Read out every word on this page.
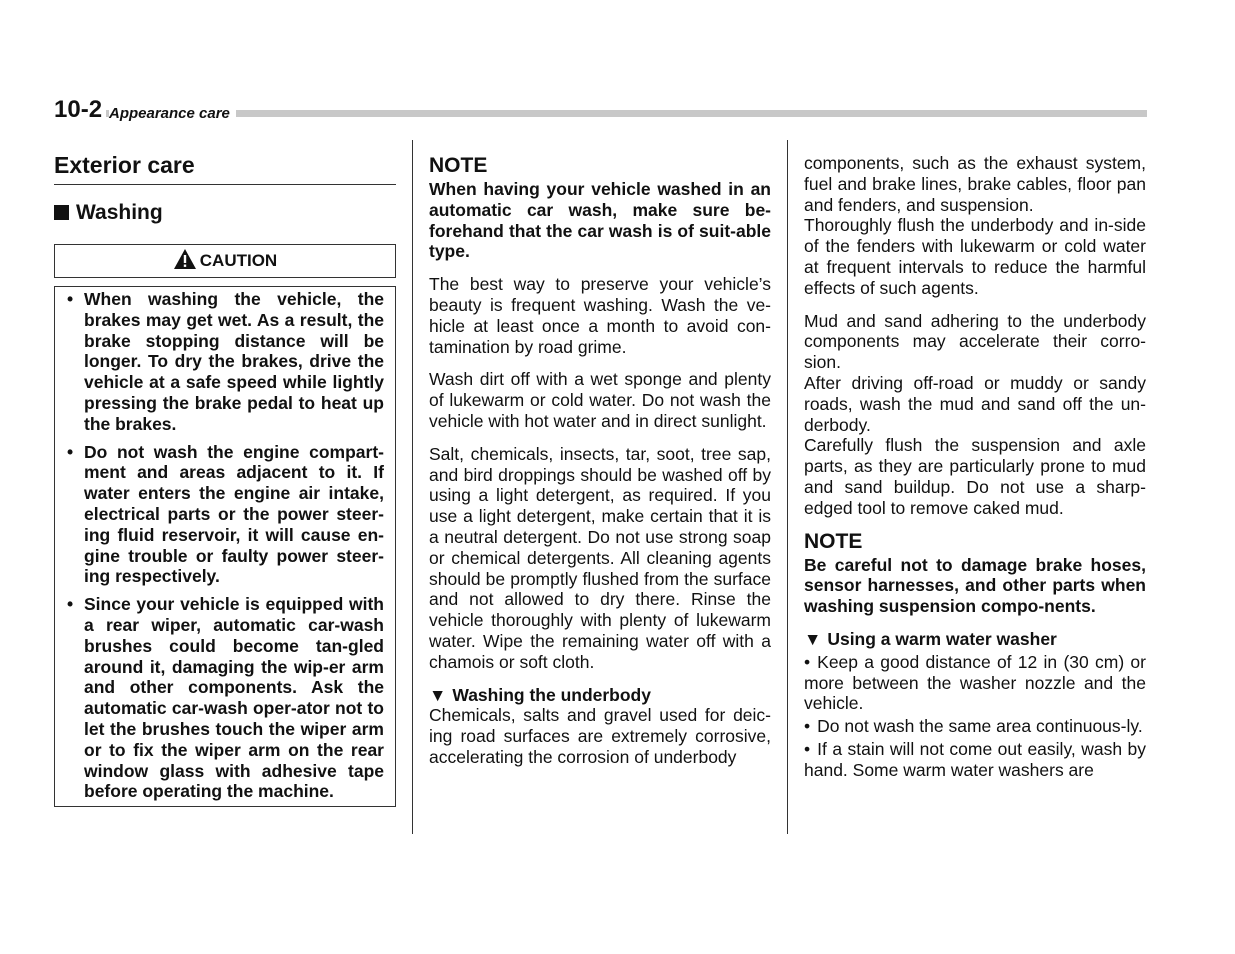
10-2 Appearance care
Exterior care
Washing
CAUTION
• When washing the vehicle, the brakes may get wet. As a result, the brake stopping distance will be longer. To dry the brakes, drive the vehicle at a safe speed while lightly pressing the brake pedal to heat up the brakes.
• Do not wash the engine compart-ment and areas adjacent to it. If water enters the engine air intake, electrical parts or the power steer-ing fluid reservoir, it will cause en-gine trouble or faulty power steer-ing respectively.
• Since your vehicle is equipped with a rear wiper, automatic car-wash brushes could become tan-gled around it, damaging the wip-er arm and other components. Ask the automatic car-wash oper-ator not to let the brushes touch the wiper arm or to fix the wiper arm on the rear window glass with adhesive tape before operating the machine.

NOTE

When having your vehicle washed in an automatic car wash, make sure be-forehand that the car wash is of suit-able type.

The best way to preserve your vehicle’s beauty is frequent washing. Wash the ve-hicle at least once a month to avoid con-tamination by road grime.

Wash dirt off with a wet sponge and plenty of lukewarm or cold water. Do not wash the vehicle with hot water and in direct sunlight.

Salt, chemicals, insects, tar, soot, tree sap, and bird droppings should be washed off by using a light detergent, as required. If you use a light detergent, make certain that it is a neutral detergent. Do not use strong soap or chemical detergents. All cleaning agents should be promptly flushed from the surface and not allowed to dry there. Rinse the vehicle thoroughly with plenty of lukewarm water. Wipe the remaining water off with a chamois or soft cloth.

▼ Washing the underbody

Chemicals, salts and gravel used for deic-ing road surfaces are extremely corrosive, accelerating the corrosion of underbody

components, such as the exhaust system, fuel and brake lines, brake cables, floor pan and fenders, and suspension.

Thoroughly flush the underbody and in-side of the fenders with lukewarm or cold water at frequent intervals to reduce the harmful effects of such agents.

Mud and sand adhering to the underbody components may accelerate their corro-sion.

After driving off-road or muddy or sandy roads, wash the mud and sand off the un-derbody.

Carefully flush the suspension and axle parts, as they are particularly prone to mud and sand buildup. Do not use a sharp-edged tool to remove caked mud.

NOTE

Be careful not to damage brake hoses, sensor harnesses, and other parts when washing suspension compo-nents.

▼ Using a warm water washer

• Keep a good distance of 12 in (30 cm) or more between the washer nozzle and the vehicle.

• Do not wash the same area continuous-ly.

• If a stain will not come out easily, wash by hand. Some warm water washers are
